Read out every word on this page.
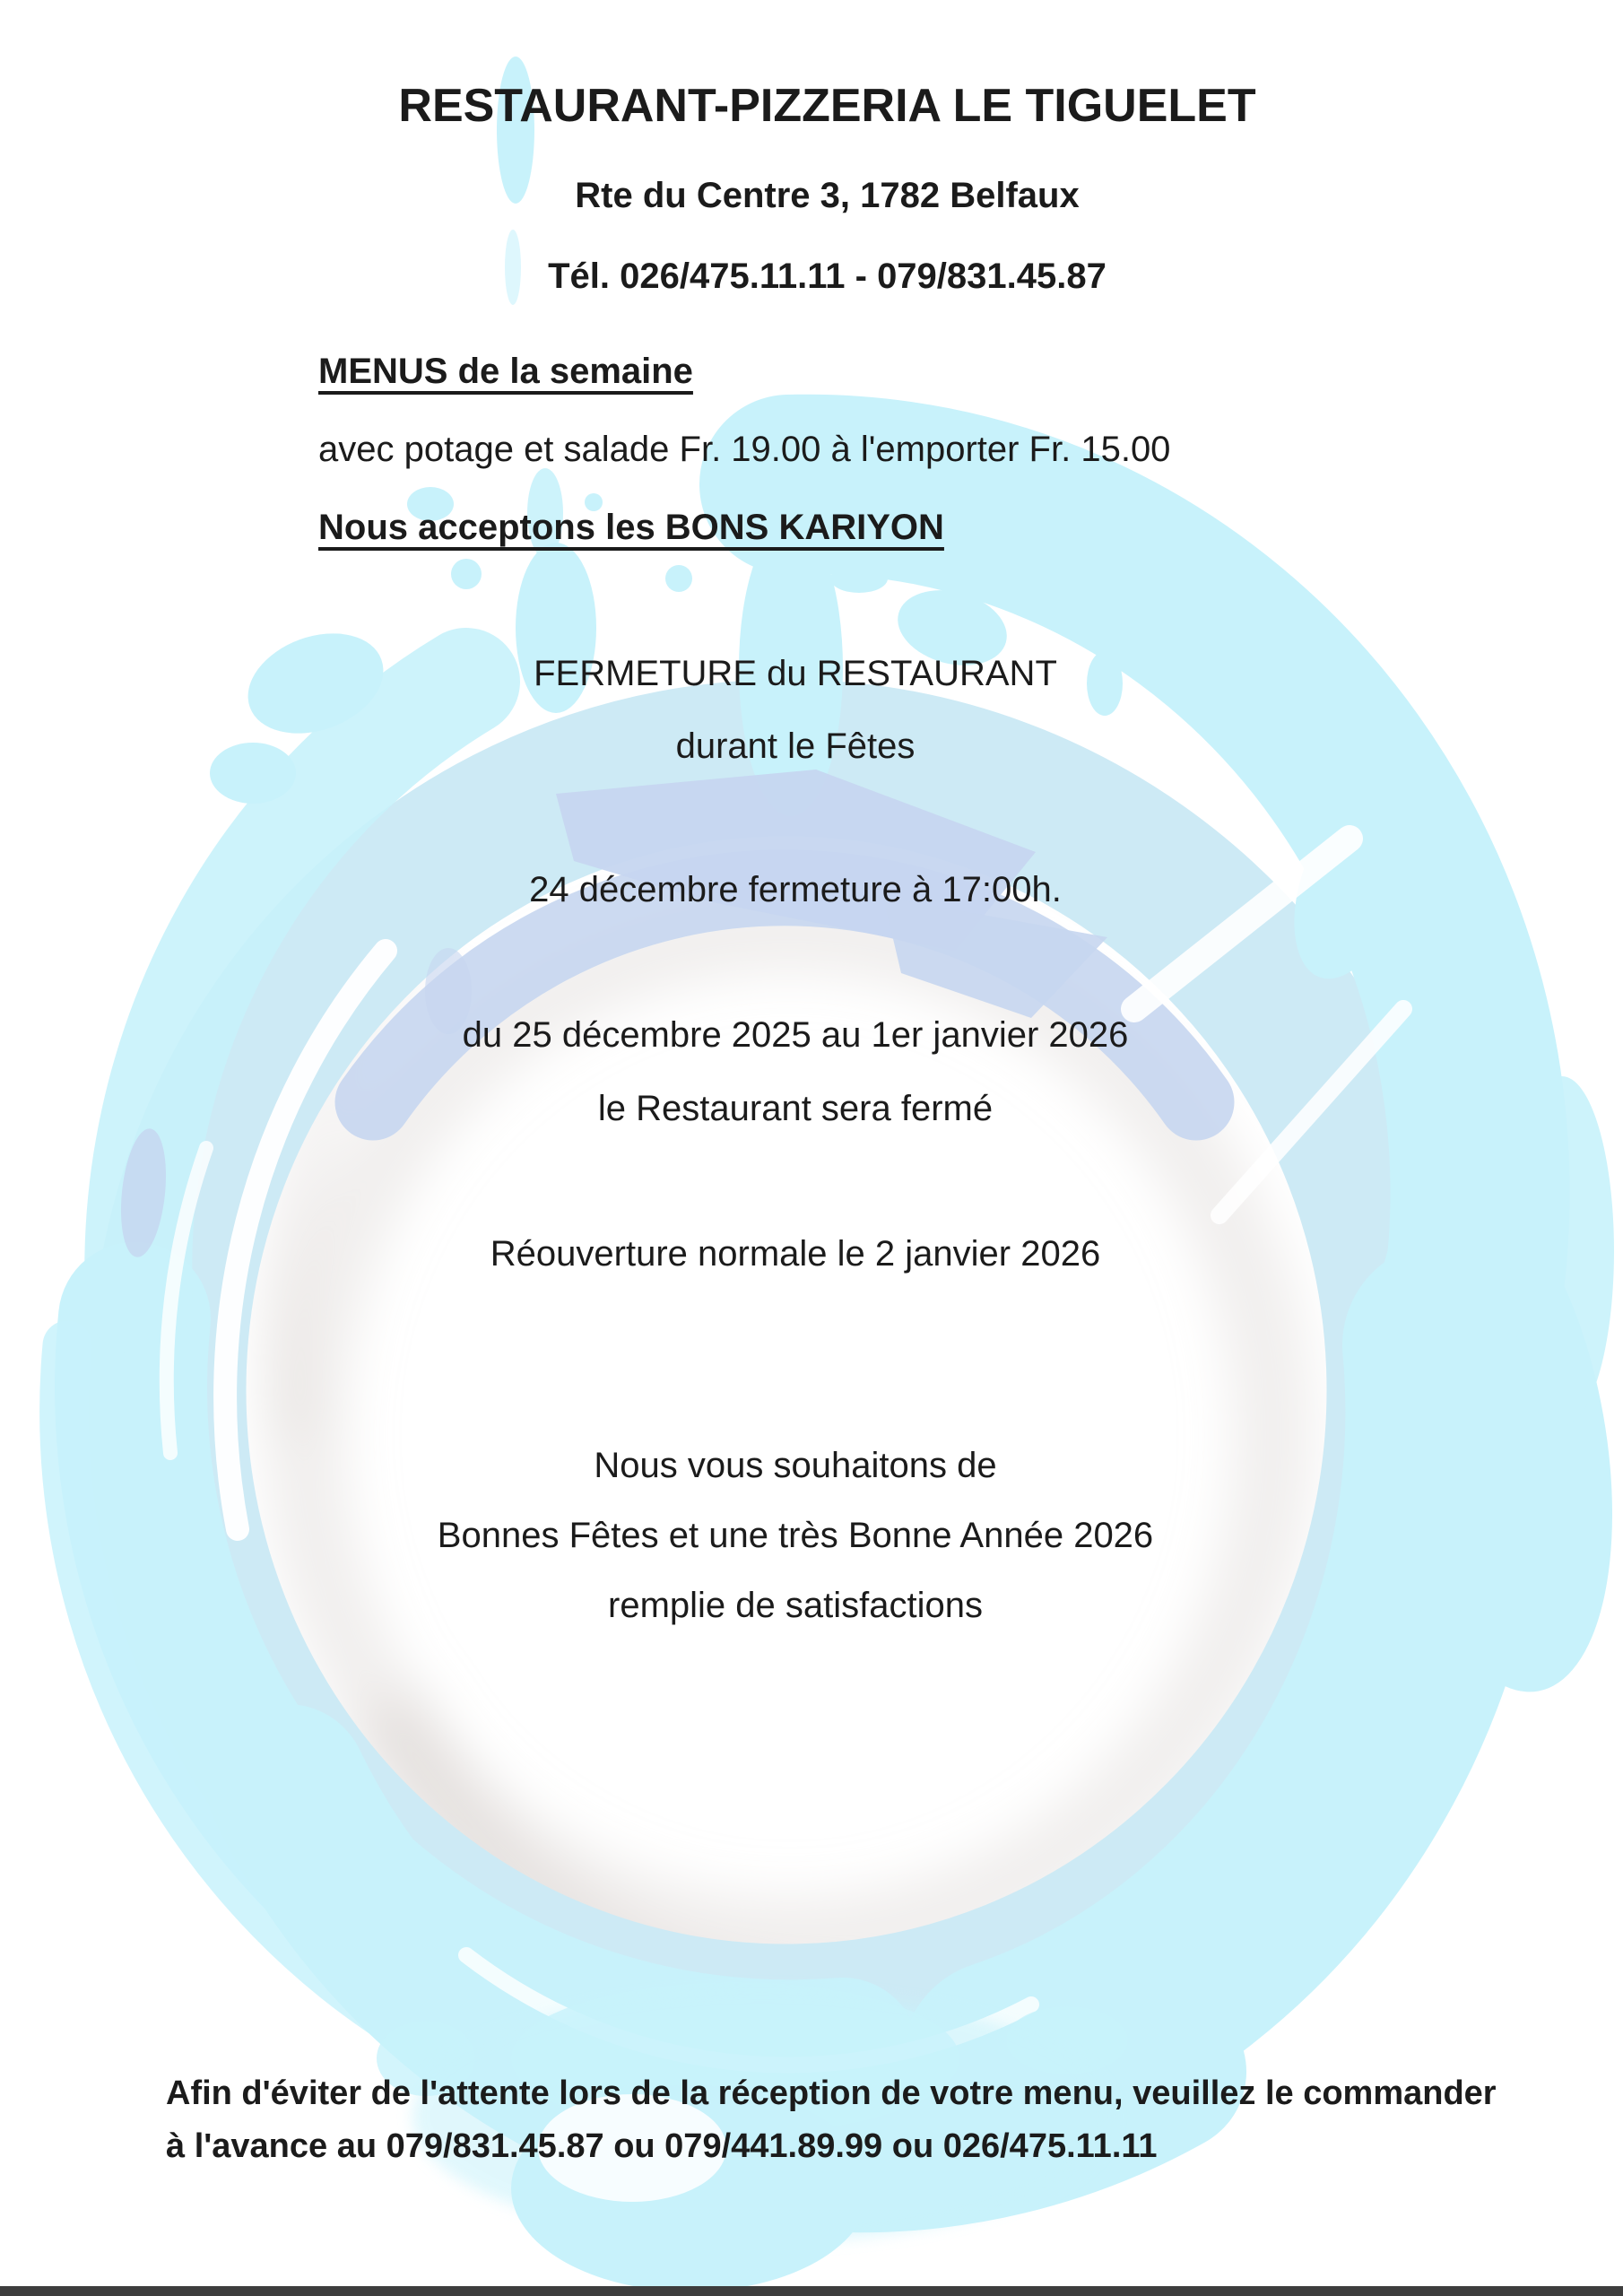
RESTAURANT-PIZZERIA LE TIGUELET
Rte du Centre 3, 1782 Belfaux
Tél. 026/475.11.11 - 079/831.45.87
MENUS de la semaine
avec potage et salade Fr. 19.00 à l'emporter Fr. 15.00
Nous acceptons les BONS KARIYON
FERMETURE du RESTAURANT
durant le Fêtes
24 décembre fermeture à 17:00h.
du 25 décembre 2025 au 1er janvier 2026
le Restaurant sera fermé
Réouverture normale le 2 janvier 2026
Nous vous souhaitons de
Bonnes Fêtes et une très Bonne Année 2026
remplie de satisfactions
Afin d'éviter de l'attente lors de la réception de votre menu, veuillez le commander
à l'avance au 079/831.45.87 ou 079/441.89.99 ou 026/475.11.11
